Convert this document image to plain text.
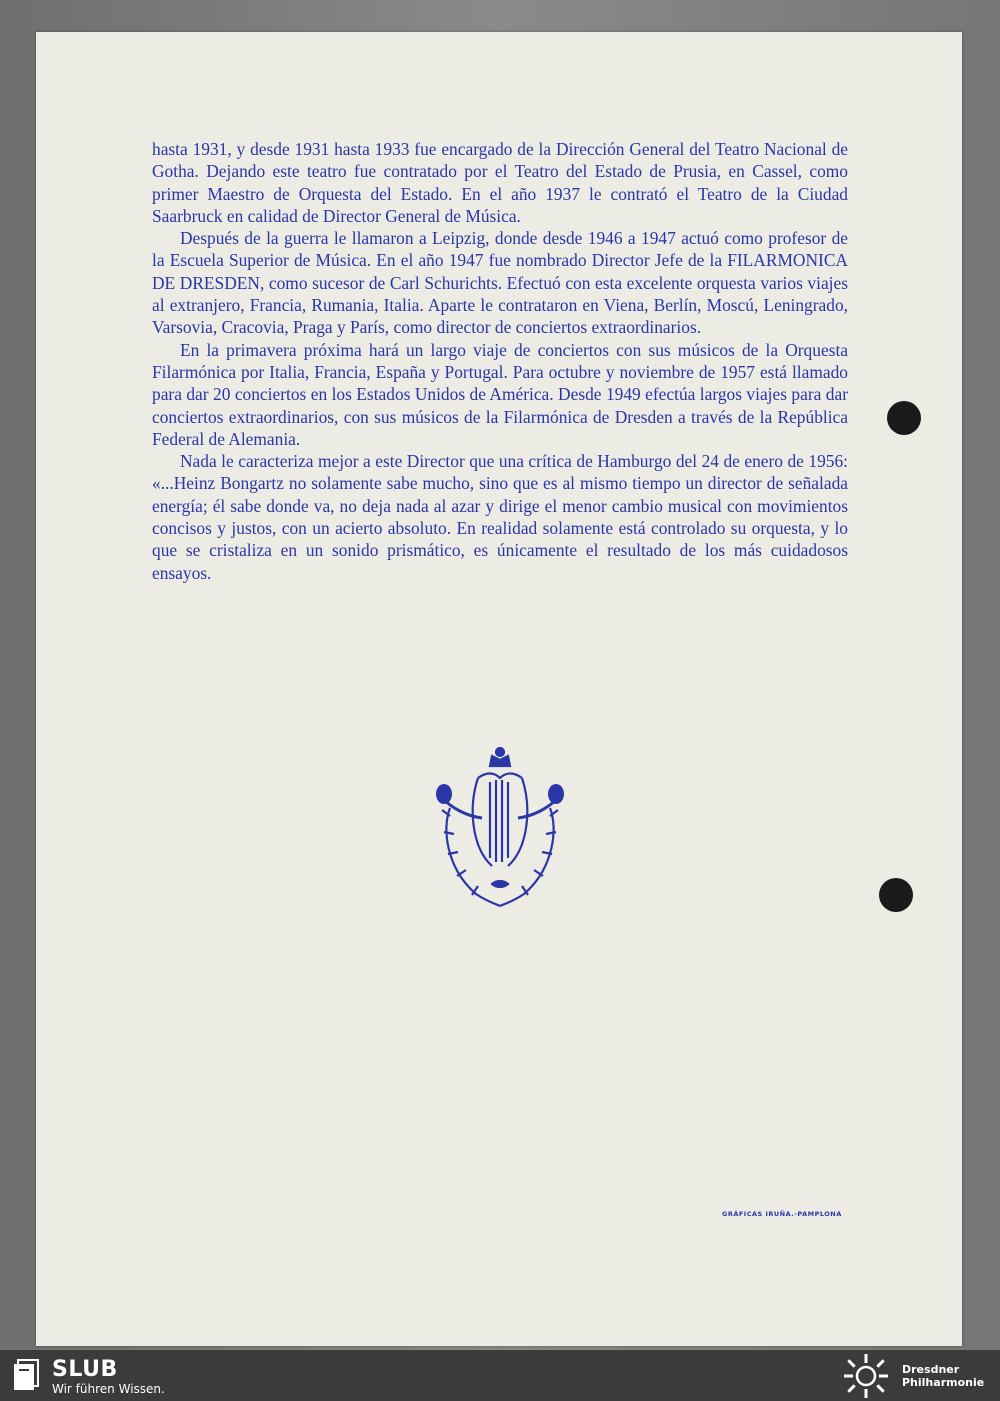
hasta 1931, y desde 1931 hasta 1933 fue encargado de la Dirección General del Teatro Nacional de Gotha. Dejando este teatro fue contratado por el Teatro del Estado de Prusia, en Cassel, como primer Maestro de Orquesta del Estado. En el año 1937 le contrató el Teatro de la Ciudad Saarbruck en calidad de Director General de Música.

Después de la guerra le llamaron a Leipzig, donde desde 1946 a 1947 actuó como profesor de la Escuela Superior de Música. En el año 1947 fue nombrado Director Jefe de la FILARMONICA DE DRESDEN, como sucesor de Carl Schurichts. Efectuó con esta excelente orquesta varios viajes al extranjero, Francia, Rumania, Italia. Aparte le contrataron en Viena, Berlín, Moscú, Leningrado, Varsovia, Cracovia, Praga y París, como director de conciertos extraordinarios.

En la primavera próxima hará un largo viaje de conciertos con sus músicos de la Orquesta Filarmónica por Italia, Francia, España y Portugal. Para octubre y noviembre de 1957 está llamado para dar 20 conciertos en los Estados Unidos de América. Desde 1949 efectúa largos viajes para dar conciertos extraordinarios, con sus músicos de la Filarmónica de Dresden a través de la República Federal de Alemania.

Nada le caracteriza mejor a este Director que una crítica de Hamburgo del 24 de enero de 1956: «...Heinz Bongartz no solamente sabe mucho, sino que es al mismo tiempo un director de señalada energía; él sabe donde va, no deja nada al azar y dirige el menor cambio musical con movimientos concisos y justos, con un acierto absoluto. En realidad solamente está controlado su orquesta, y lo que se cristaliza en un sonido prismático, es únicamente el resultado de los más cuidadosos ensayos.

GRÁFICAS IRUÑA.-PAMPLONA
SLUB
Wir führen Wissen.
Dresdner
Philharmonie
